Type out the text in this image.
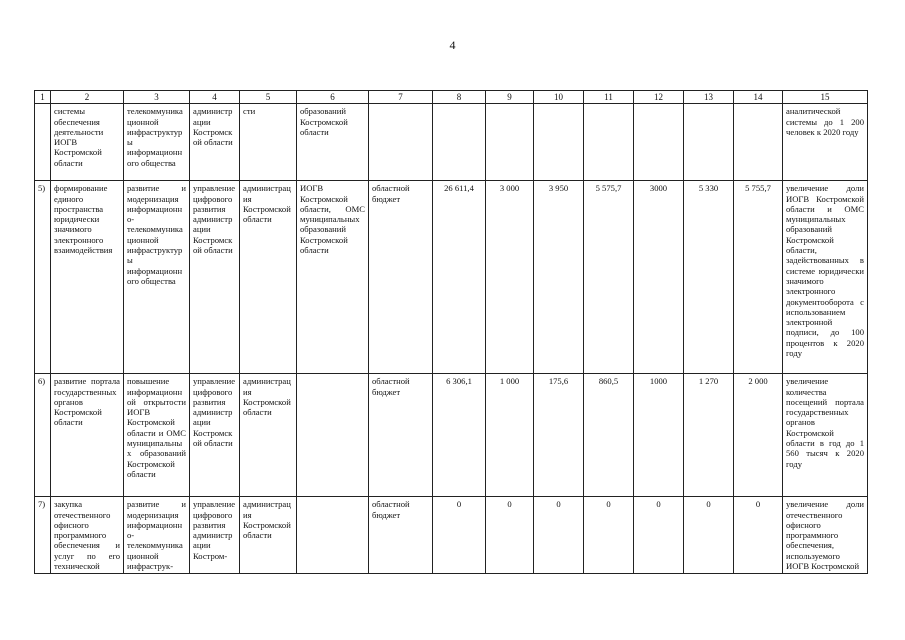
4
1	2	3	4	5	6	7	8	9	10	11	12	13	14	15
	системы обеспечения деятельности ИОГВ Костромской области	телекоммуникационной инфраструктуры информационного общества	администрации Костромской области	сти	образований Костромской области									аналитической системы до 1 200 человек к 2020 году
5)	формирование единого пространства юридически значимого электронного взаимодействия	развитие и модернизация информационно-телекоммуникационной инфраструктуры информационного общества	управление цифрового развития администрации Костромской области	администрация Костромской области	ИОГВ Костромской области, ОМС муниципальных образований Костромской области	областной бюджет	26 611,4	3 000	3 950	5 575,7	3000	5 330	5 755,7	увеличение доли ИОГВ Костромской области и ОМС муниципальных образований Костромской области, задействованных в системе юридически значимого электронного документооборота с использованием электронной подписи, до 100 процентов к 2020 году
6)	развитие портала государственных органов Костромской области	повышение информационной открытости ИОГВ Костромской области и ОМС муниципальных образований Костромской области	управление цифрового развития администрации Костромской области	администрация Костромской области		областной бюджет	6 306,1	1 000	175,6	860,5	1000	1 270	2 000	увеличение количества посещений портала государственных органов Костромской области в год до 1 560 тысяч к 2020 году
7)	закупка отечественного офисного программного обеспечения и услуг по его технической	развитие и модернизация информационно-телекоммуникационной инфраструк-	управление цифрового развития администрации Костром-	администрация Костромской области		областной бюджет	0	0	0	0	0	0	0	увеличение доли отечественного офисного программного обеспечения, используемого ИОГВ Костромской
